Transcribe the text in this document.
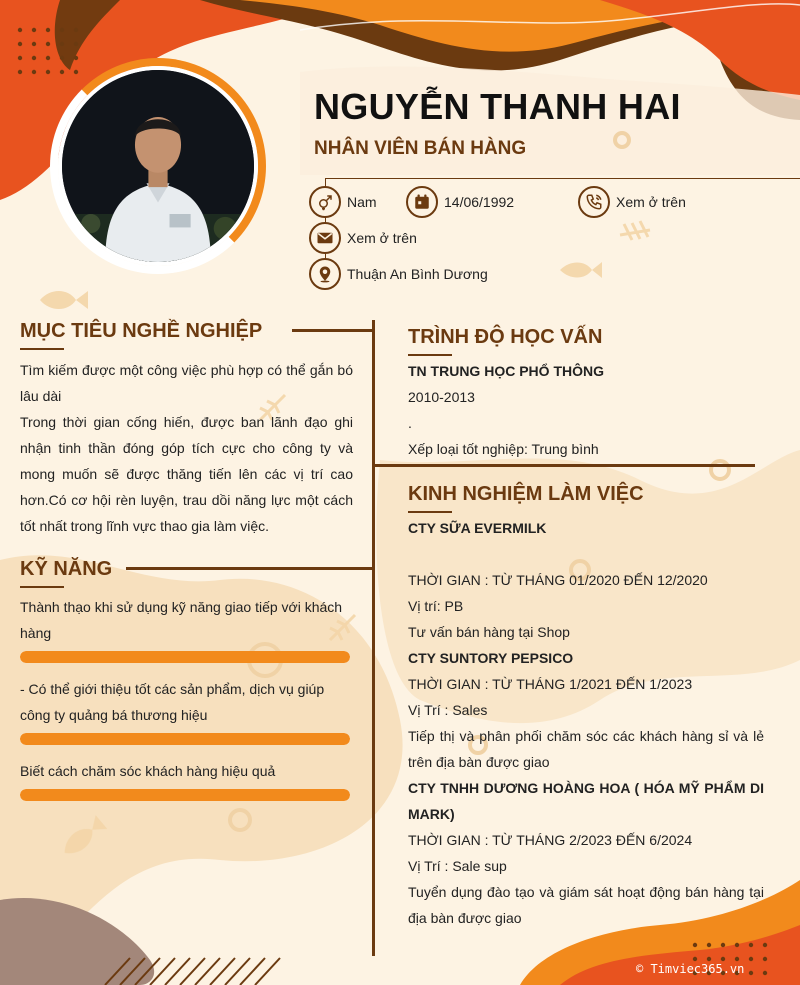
NGUYỄN THANH HAI
NHÂN VIÊN BÁN HÀNG
Nam	14/06/1992	Xem ở trên
Xem ở trên
Thuận An Bình Dương
MỤC TIÊU NGHỀ NGHIỆP

Tìm kiếm được một công việc phù hợp có thể gắn bó lâu dài

Trong thời gian cống hiến, được ban lãnh đạo ghi nhận tinh thần đóng góp tích cực cho công ty và mong muốn sẽ được thăng tiến lên các vị trí cao hơn.Có cơ hội rèn luyện, trau dồi năng lực một cách tốt nhất trong lĩnh vực thao gia làm việc.

KỸ NĂNG
Thành thạo khi sử dụng kỹ năng giao tiếp với khách hàng
- Có thể giới thiệu tốt các sản phẩm, dịch vụ giúp công ty quảng bá thương hiệu
Biết cách chăm sóc khách hàng hiệu quả
TRÌNH ĐỘ HỌC VẤN
TN TRUNG HỌC PHỔ THÔNG
2010-2013
.
Xếp loại tốt nghiệp: Trung bình
KINH NGHIỆM LÀM VIỆC
CTY SỮA EVERMILK
THỜI GIAN : TỪ THÁNG 01/2020 ĐẾN 12/2020
Vị trí: PB
Tư vấn bán hàng tại Shop
CTY SUNTORY PEPSICO
THỜI GIAN : TỪ THÁNG 1/2021 ĐẾN 1/2023
Vị Trí : Sales
Tiếp thị và phân phối chăm sóc các khách hàng sỉ và lẻ trên địa bàn được giao
CTY TNHH DƯƠNG HOÀNG HOA ( HÓA MỸ PHẨM DI MARK)
THỜI GIAN : TỪ THÁNG 2/2023 ĐẾN 6/2024
Vị Trí : Sale sup
Tuyển dụng đào tạo và giám sát hoạt động bán hàng tại địa bàn được giao
© Timviec365.vn
